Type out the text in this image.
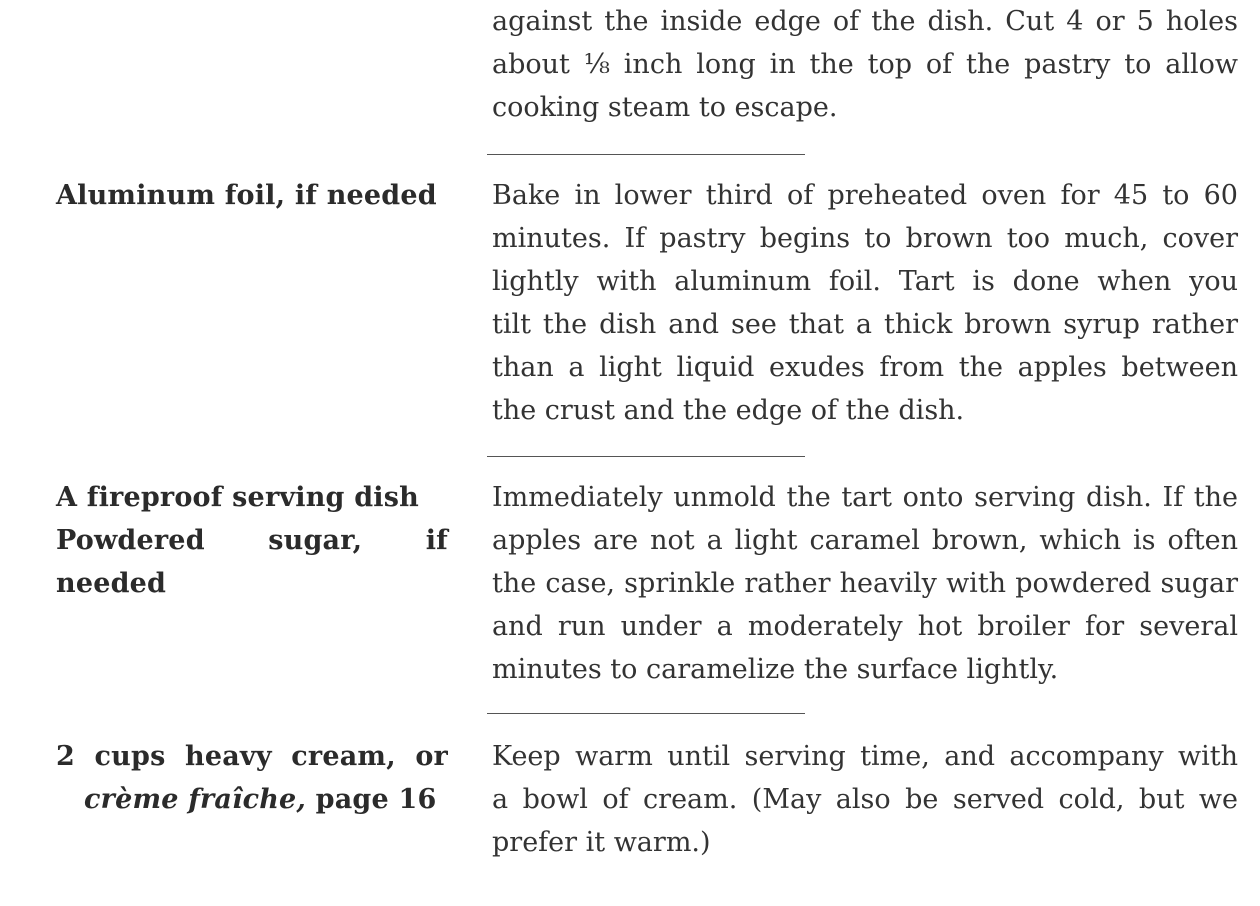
against the inside edge of the dish. Cut 4 or 5 holes
about ⅛ inch long in the top of the pastry to allow
cooking steam to escape.
Aluminum foil, if needed	Bake in lower third of preheated oven for 45 to 60
minutes. If pastry begins to brown too much, cover
lightly with aluminum foil. Tart is done when you
tilt the dish and see that a thick brown syrup rather
than a light liquid exudes from the apples between
the crust and the edge of the dish.
A fireproof serving dish
Powdered sugar, if needed
Immediately unmold the tart onto serving dish. If the
apples are not a light caramel brown, which is often
the case, sprinkle rather heavily with powdered sugar
and run under a moderately hot broiler for several
minutes to caramelize the surface lightly.
2 cups heavy cream, or
crème fraîche, page 16
Keep warm until serving time, and accompany with
a bowl of cream. (May also be served cold, but we
prefer it warm.)
